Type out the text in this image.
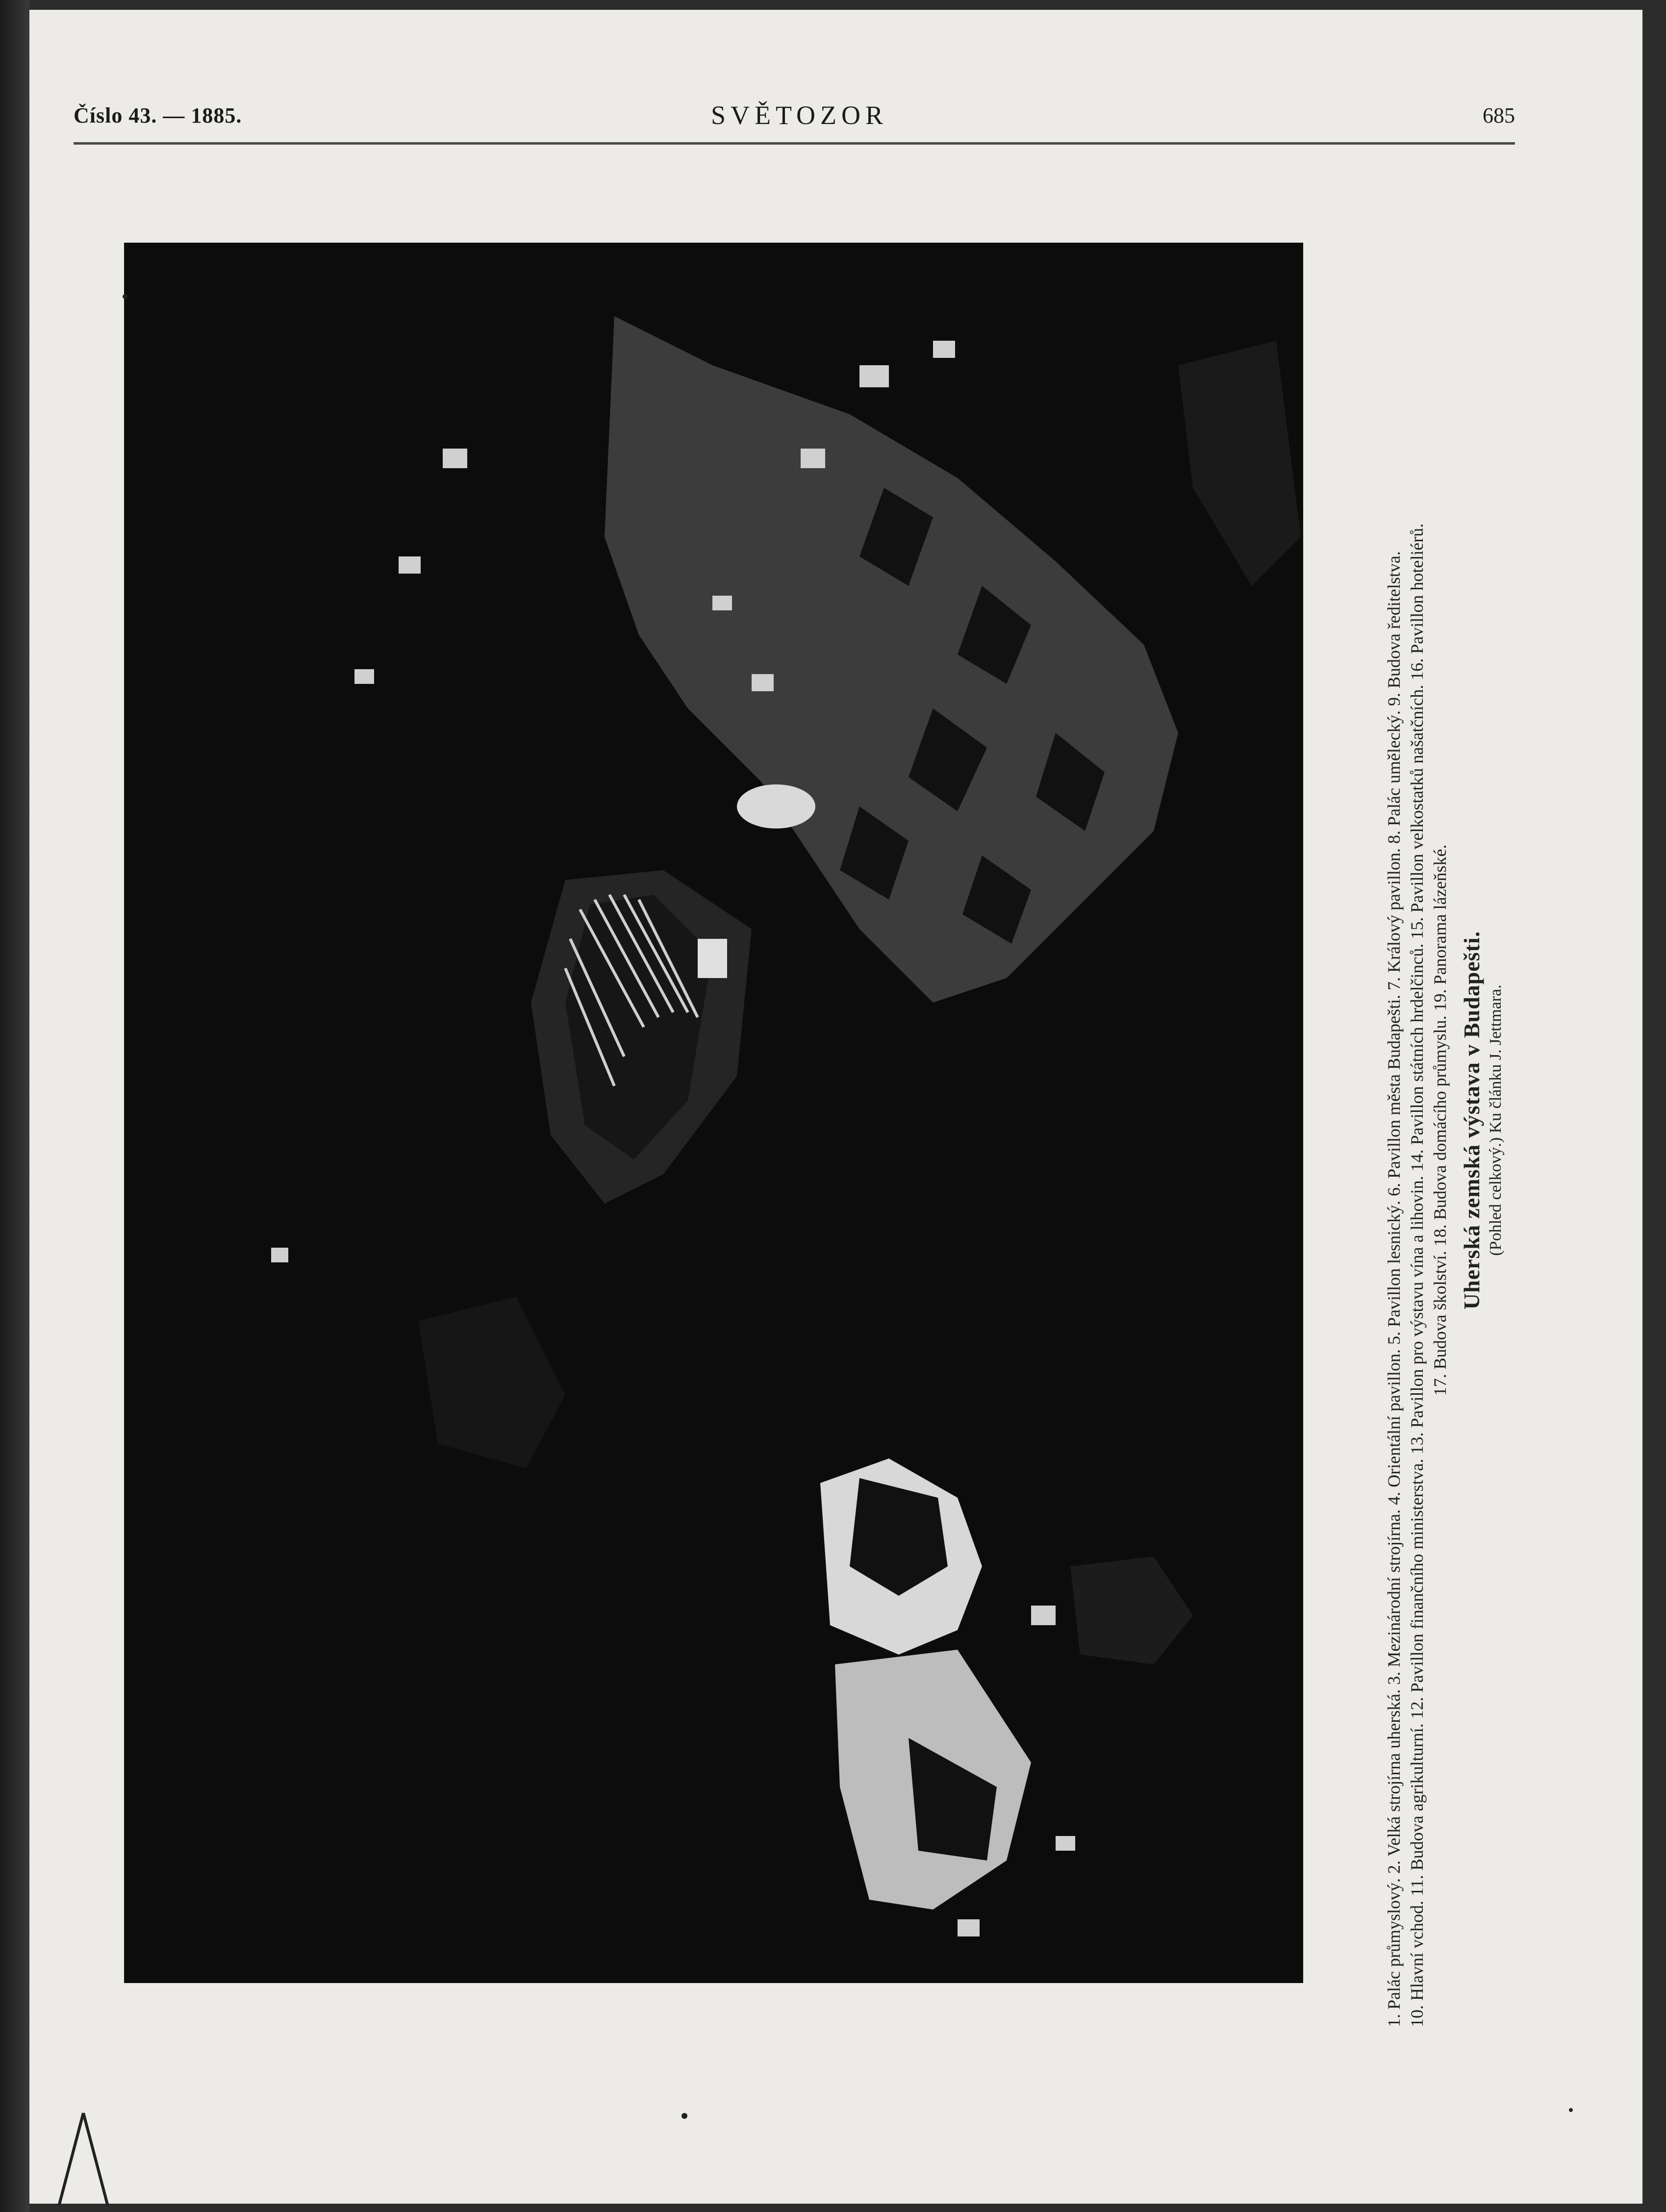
Číslo 43. — 1885.	SVĚTOZOR	685
1. Palác průmyslový. 2. Velká strojírna uherská. 3. Mezinárodní strojírna. 4. Orientální pavillon. 5. Pavillon lesnický. 6. Pavillon města Budapešti. 7. Králový pavillon. 8. Palác umělecký. 9. Budova ředitelstva. 10. Hlavní vchod. 11. Budova agrikulturní. 12. Pavillon finančního ministerstva. 13. Pavillon pro výstavu vína a lihovin. 14. Pavillon státních hrdelčinců. 15. Pavillon velkostatků našatčních. 16. Pavillon hoteliérů. 17. Budova školství. 18. Budova domácího průmyslu. 19. Panorama lázeňské. Uherská zemská výstava v Budapešti. (Pohled celkový.) Ku článku J. Jettmara.
